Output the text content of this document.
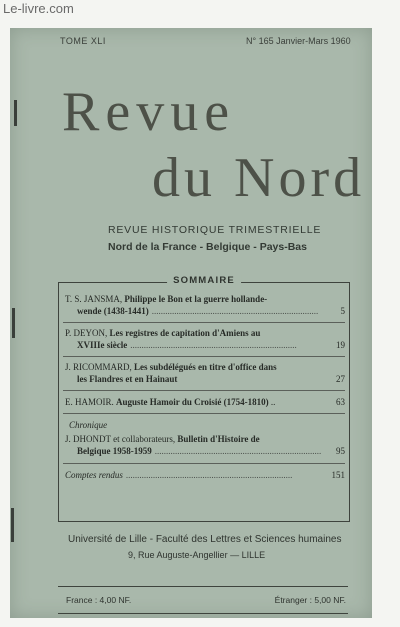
Le-livre.com
TOME XLI	N° 165 Janvier-Mars 1960
Revue
du Nord
REVUE HISTORIQUE TRIMESTRIELLE
Nord de la France - Belgique - Pays-Bas
SOMMAIRE
T. S. JANSMA, Philippe le Bon et la guerre hollande-
wende (1438-1441) ..........................................................................	5
P. DEYON, Les registres de capitation d'Amiens au
XVIIIe siècle ..........................................................................	19
J. RICOMMARD, Les subdélégués en titre d'office dans
les Flandres et en Hainaut	27
E. HAMOIR. Auguste Hamoir du Croisié (1754-1810) ..	63
Chronique
J. DHONDT et collaborateurs, Bulletin d'Histoire de
Belgique 1958-1959 ..........................................................................	95
Comptes rendus ..........................................................................	151
Université de Lille - Faculté des Lettres et Sciences humaines
9, Rue Auguste-Angellier — LILLE
France : 4,00 NF.	Étranger : 5,00 NF.
